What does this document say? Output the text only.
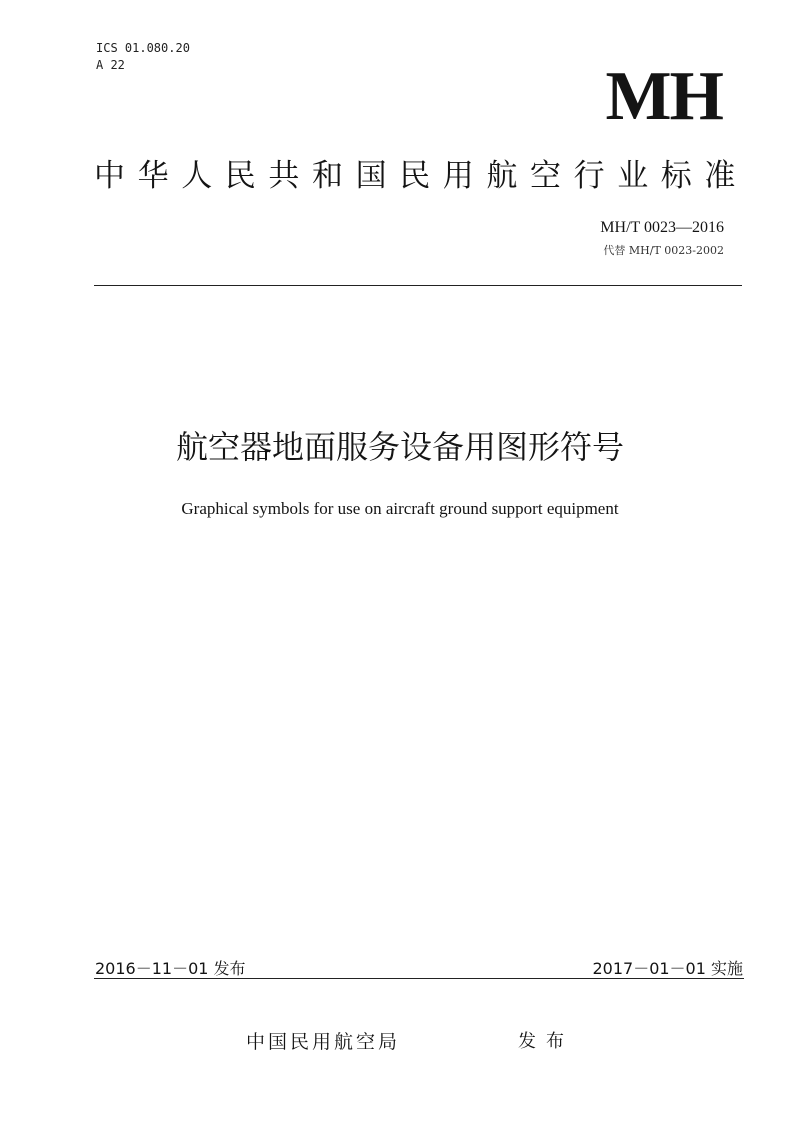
ICS 01.080.20
A 22	MH
中华人民共和国民用航空行业标准
MH/T 0023—2016
代替 MH/T 0023-2002
航空器地面服务设备用图形符号
Graphical symbols for use on aircraft ground support equipment
2016－11－01 发布	2017－01－01 实施
中国民用航空局	发布
